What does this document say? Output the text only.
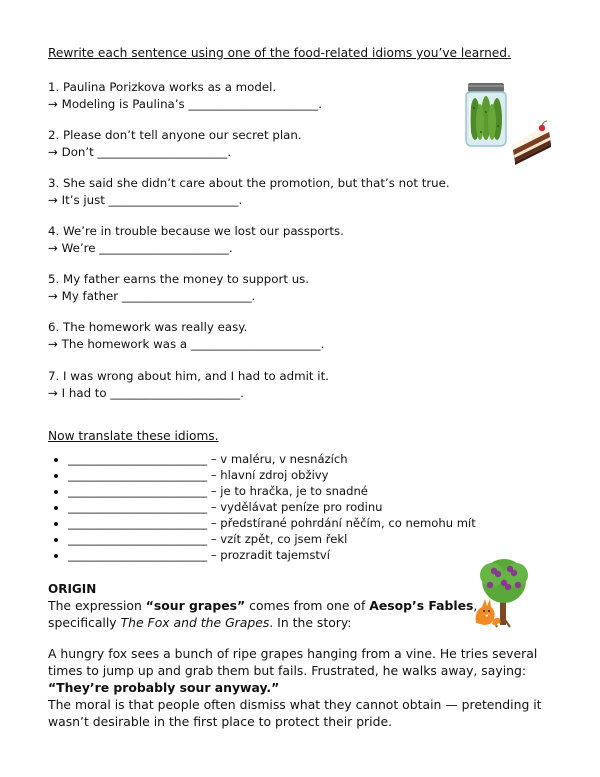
Rewrite each sentence using one of the food-related idioms you’ve learned.
1. Paulina Porizkova works as a model.
→ Modeling is Paulina’s ______________________.
2. Please don’t tell anyone our secret plan.
→ Don’t ______________________.
3. She said she didn’t care about the promotion, but that’s not true.
→ It’s just ______________________.
4. We’re in trouble because we lost our passports.
→ We’re ______________________.
5. My father earns the money to support us.
→ My father ______________________.
6. The homework was really easy.
→ The homework was a ______________________.
7. I was wrong about him, and I had to admit it.
→ I had to ______________________.
Now translate these idioms.
• ________________________ – v maléru, v nesnázích
• ________________________ – hlavní zdroj obživy
• ________________________ – je to hračka, je to snadné
• ________________________ – vydělávat peníze pro rodinu
• ________________________ – předstírané pohrdání něčím, co nemohu mít
• ________________________ – vzít zpět, co jsem řekl
• ________________________ – prozradit tajemství
ORIGIN
The expression “sour grapes” comes from one of Aesop’s Fables,
specifically The Fox and the Grapes. In the story:
A hungry fox sees a bunch of ripe grapes hanging from a vine. He tries several
times to jump up and grab them but fails. Frustrated, he walks away, saying:
“They’re probably sour anyway.”
The moral is that people often dismiss what they cannot obtain — pretending it
wasn’t desirable in the first place to protect their pride.
